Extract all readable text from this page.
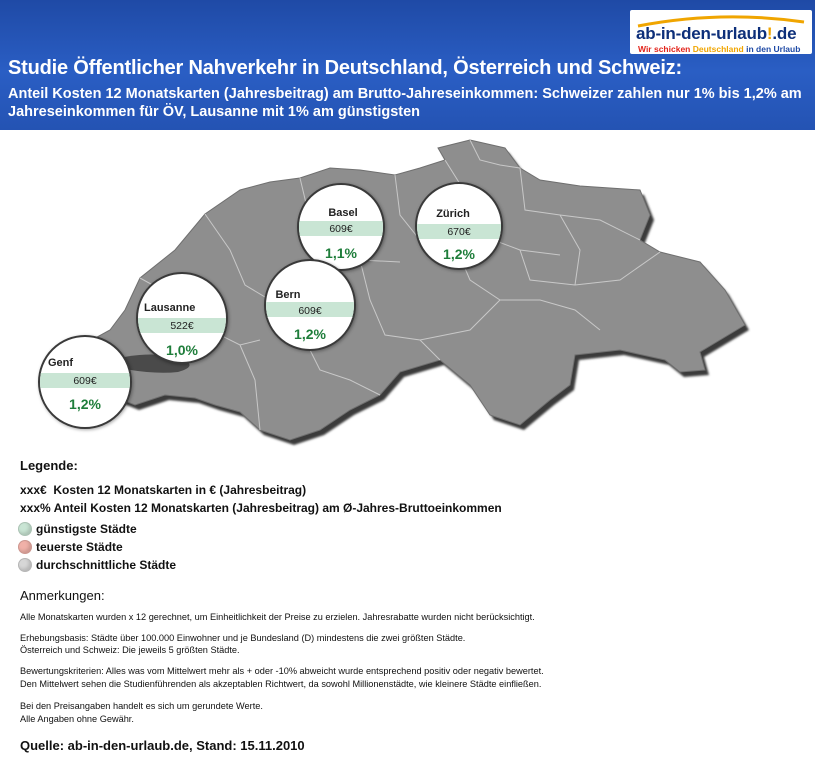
ab-in-den-urlaub!.de
Wir schicken Deutschland in den Urlaub
Studie Öffentlicher Nahverkehr in Deutschland, Österreich und Schweiz:
Anteil Kosten 12 Monatskarten (Jahresbeitrag) am Brutto-Jahreseinkommen: Schweizer zahlen nur 1% bis 1,2% am Jahreseinkommen für ÖV, Lausanne mit 1% am günstigsten
Basel
609€
1,1%
Zürich
670€
1,2%
Bern
609€
1,2%
Lausanne
522€
1,0%
Genf
609€
1,2%
Legende:
xxx€ Kosten 12 Monatskarten in € (Jahresbeitrag)
xxx% Anteil Kosten 12 Monatskarten (Jahresbeitrag) am Ø-Jahres-Bruttoeinkommen
günstigste Städte
teuerste Städte
durchschnittliche Städte
Anmerkungen:
Alle Monatskarten wurden x 12 gerechnet, um Einheitlichkeit der Preise zu erzielen. Jahresrabatte wurden nicht berücksichtigt.
Erhebungsbasis: Städte über 100.000 Einwohner und je Bundesland (D) mindestens die zwei größten Städte.
Österreich und Schweiz: Die jeweils 5 größten Städte.
Bewertungskriterien: Alles was vom Mittelwert mehr als + oder -10% abweicht wurde entsprechend positiv oder negativ bewertet.
Den Mittelwert sehen die Studienführenden als akzeptablen Richtwert, da sowohl Millionenstädte, wie kleinere Städte einfließen.
Bei den Preisangaben handelt es sich um gerundete Werte.
Alle Angaben ohne Gewähr.
Quelle: ab-in-den-urlaub.de, Stand: 15.11.2010
